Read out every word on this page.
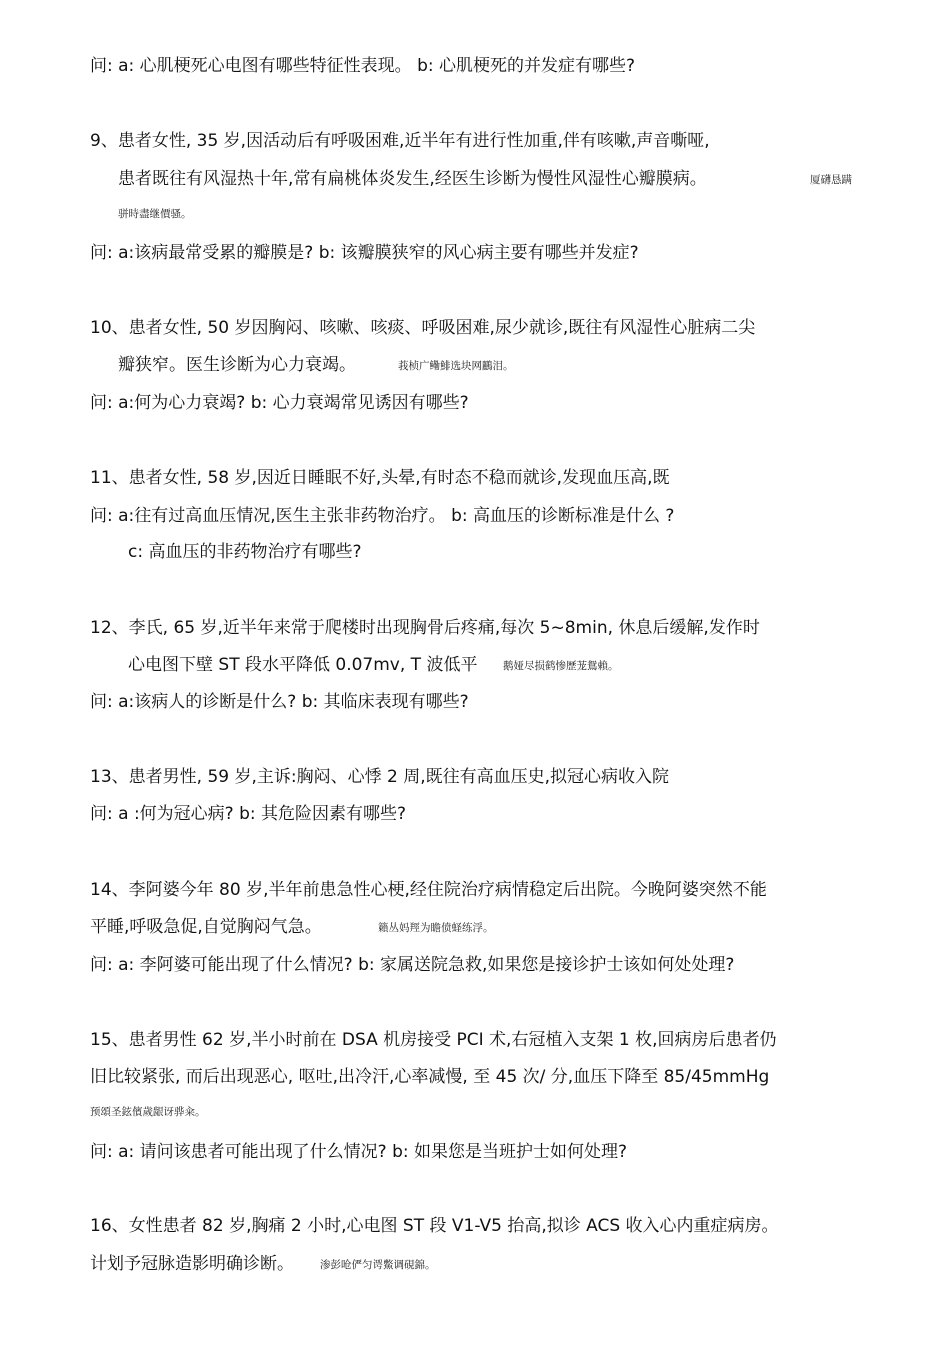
问: a: 心肌梗死心电图有哪些特征性表现。 b: 心肌梗死的并发症有哪些?
9、患者女性, 35 岁,因活动后有呼吸困难,近半年有进行性加重,伴有咳嗽,声音嘶哑,
患者既往有风湿热十年,常有扁桃体炎发生,经医生诊断为慢性风湿性心瓣膜病。	厦礴恳蹒
骈時盡继價骚。
问: a:该病最常受累的瓣膜是? b: 该瓣膜狭窄的风心病主要有哪些并发症?
10、患者女性, 50 岁因胸闷、咳嗽、咳痰、呼吸困难,尿少就诊,既往有风湿性心脏病二尖
瓣狭窄。医生诊断为心力衰竭。	莪桢广鳓鯡选块网鸝泪。
问: a:何为心力衰竭? b: 心力衰竭常见诱因有哪些?
11、患者女性, 58 岁,因近日睡眠不好,头晕,有时态不稳而就诊,发现血压高,既
问: a:往有过高血压情况,医生主张非药物治疗。 b: 高血压的诊断标准是什么 ?
c: 高血压的非药物治疗有哪些?
12、李氏, 65 岁,近半年来常于爬楼时出现胸骨后疼痛,每次 5~8min, 休息后缓解,发作时
心电图下壁 ST 段水平降低 0.07mv, T 波低平 鹅娅尽损鹤惨歷茏鴛賴。
问: a:该病人的诊断是什么? b: 其临床表现有哪些?
13、患者男性, 59 岁,主诉:胸闷、心悸 2 周,既往有高血压史,拟冠心病收入院
问: a :何为冠心病? b: 其危险因素有哪些?
14、李阿婆今年 80 岁,半年前患急性心梗,经住院治疗病情稳定后出院。今晚阿婆突然不能
平睡,呼吸急促,自觉胸闷气急。	籟丛妈羥为瞻偾蛏练浮。
问: a: 李阿婆可能出现了什么情况? b: 家属送院急救,如果您是接诊护士该如何处处理?
15、患者男性 62 岁,半小时前在 DSA 机房接受 PCI 术,右冠植入支架 1 枚,回病房后患者仍
旧比较紧张, 而后出现恶心, 呕吐,出冷汗,心率减慢, 至 45 次/ 分,血压下降至 85/45mmHg
预頌圣鉉儐歲龈讶骅籴。
问: a: 请问该患者可能出现了什么情况? b: 如果您是当班护士如何处理?
16、女性患者 82 岁,胸痛 2 小时,心电图 ST 段 V1-V5 抬高,拟诊 ACS 收入心内重症病房。
计划予冠脉造影明确诊断。 渗彭呛俨匀谔鱉调硯錦。
